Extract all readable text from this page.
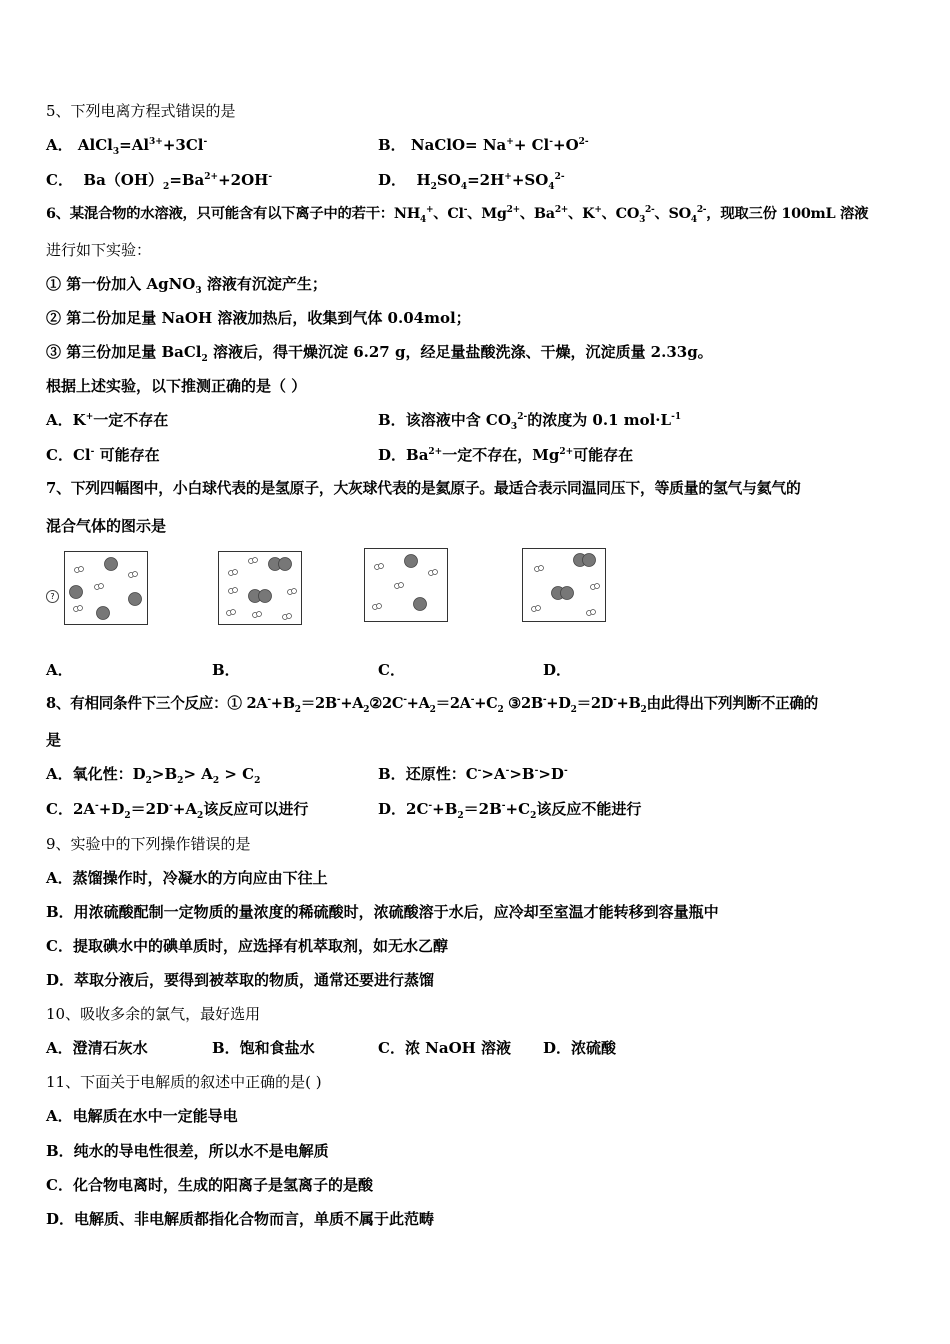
5、下列电离方程式错误的是
A． $AlCl_3=Al^{3+}+3Cl^-$	B． NaClO= $Na^++ Cl^-+O^{2-}$
C． $Ba(OH)_2=Ba^{2+}+2OH^-$	D． $H_2SO_4=2H^++SO_4^{2-}$
6、某混合物的水溶液，只可能含有以下离子中的若干：$NH_4^+$、Cl-、$Mg^{2+}$、$Ba^{2+}$、K+、$CO_3^{2-}$、$SO_4^{2-}$，现取三份 100mL 溶液
进行如下实验：
① 第一份加入 AgNO$_3$ 溶液有沉淀产生；
② 第二份加足量 NaOH 溶液加热后，收集到气体 0.04mol；
③ 第三份加足量 BaCl$_2$ 溶液后，得干燥沉淀 6.27 g，经足量盐酸洗涤、干燥，沉淀质量 2.33g。
根据上述实验，以下推测正确的是（ ）
A．K+一定不存在	B．该溶液中含 $CO_3^{2-}$的浓度为 0.1 $mol\cdot L^{-1}$
C．Cl- 可能存在	D．$Ba^{2+}$一定不存在，$Mg^{2+}$可能存在
7、下列四幅图中，小白球代表的是氢原子，大灰球代表的是氦原子。最适合表示同温同压下，等质量的氢气与氦气的
混合气体的图示是
?
A．	B．	C．	D．
8、有相同条件下三个反应：① $2A^-+B_2=2B^-+A_2②2C^-+A_2=2A^-+C_2$ $③2B^-+D_2=2D^-+B_2$由此得出下列判断不正确的
是
A．氧化性：$D_2>B_2> A_2 > C_2$	B．还原性：C->A->B->D-
C．$2A^-+D_2=2D^-+A_2$该反应可以进行	D．$2C^-+B_2=2B^-+C_2$该反应不能进行
9、实验中的下列操作错误的是
A．蒸馏操作时，冷凝水的方向应由下往上
B．用浓硫酸配制一定物质的量浓度的稀硫酸时，浓硫酸溶于水后，应冷却至室温才能转移到容量瓶中
C．提取碘水中的碘单质时，应选择有机萃取剂，如无水乙醇
D．萃取分液后，要得到被萃取的物质，通常还要进行蒸馏
10、吸收多余的氯气，最好选用
A．澄清石灰水	B．饱和食盐水	C．浓 NaOH 溶液 D．浓硫酸
11、下面关于电解质的叙述中正确的是( )
A．电解质在水中一定能导电
B．纯水的导电性很差，所以水不是电解质
C．化合物电离时，生成的阳离子是氢离子的是酸
D．电解质、非电解质都指化合物而言，单质不属于此范畴
